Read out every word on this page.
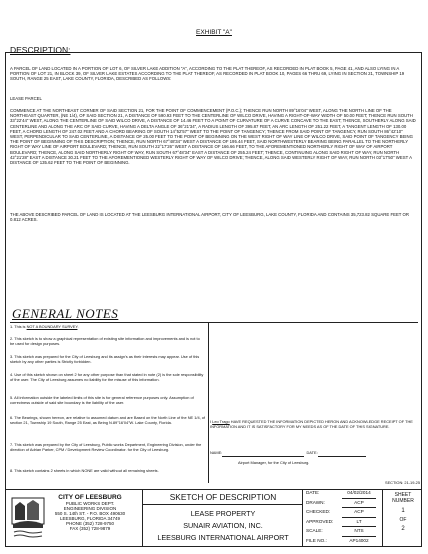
EXHIBIT "A"
DESCRIPTION:
A PARCEL OF LAND LOCATED IN A PORTION OF LOT 6, OF SILVER LAKE ADDITION "A", ACCORDING TO THE PLAT THEREOF, AS RECORDED IN PLAT BOOK 5, PAGE 41, AND ALSO LYING IN A PORTION OF LOT 21, IN BLOCK 39, OF SILVER LAKE ESTATES ACCORDING TO THE PLAT THEREOF, AS RECORDED IN PLAT BOOK 10, PAGES 66 THRU 69, LYING IN SECTION 21, TOWNSHIP 19 SOUTH, RANGE 25 EAST, LAKE COUNTY, FLORIDA, DESCRIBED AS FOLLOWS:
LEASE PARCEL
COMMENCE AT THE NORTHEAST CORNER OF SAID SECTION 21, FOR THE POINT OF COMMENCEMENT (P.O.C.); THENCE RUN NORTH 89°16'04" WEST, ALONG THE NORTH LINE OF THE NORTHEAST QUARTER, (NE 1/4), OF SAID SECTION 21, A DISTANCE OF 590.93 FEET TO THE CENTERLINE OF WILCO DRIVE, HAVING A RIGHT-OF-WAY WIDTH OF 50.00 FEET; THENCE RUN SOUTH 33°22'44" WEST, ALONG THE CENTERLINE OF SAID WILCO DRIVE, A DISTANCE OF 14.46 FEET TO A POINT OF CURVATURE OF A CURVE CONCAVE TO THE EAST; THENCE, SOUTHERLY ALONG SAID CENTERLINE AND ALONG THE ARC OF SAID CURVE, HAVING A DELTA ANGLE OF 36°21'34", A RADIUS LENGTH OF 395.87 FEET, AN ARC LENGTH OF 251.22 FEET, A TANGENT LENGTH OF 130.00 FEET, A CHORD LENGTH OF 247.02 FEET AND A CHORD BEARING OF SOUTH 14°52'57" WEST TO THE POINT OF TANGENCY; THENCE FROM SAID POINT OF TANGENCY, RUN SOUTH 86°42'10" WEST, PERPENDICULAR TO SAID CENTERLINE, A DISTANCE OF 25.00 FEET TO THE POINT OF BEGINNING ON THE WEST RIGHT OF WAY LINE OF WILCO DRIVE, SAID POINT OF TANGENCY BEING THE POINT OF BEGINNING OF THIS DESCRIPTION; THENCE, RUN NORTH 67°48'34" WEST A DISTANCE OF 195.44 FEET, SAID NORTHWESTERLY BEARING BEING PARALLEL TO THE NORTHERLY RIGHT OF WAY LINE OF AIRPORT BOULEVARD; THENCE, RUN SOUTH 22°17'26" WEST A DISTANCE OF 166.66 FEET, TO THE AFOREMENTIONED NORTHERLY RIGHT OF WAY OF AIRPORT BOULEVARD; THENCE, ALONG SAID NORTHERLY RIGHT OF WAY, RUN SOUTH 67°48'34" EAST A DISTANCE OF 255.24 FEET; THENCE, CONTINUING ALONG SAID RIGHT OF WAY, RUN NORTH 42°21'28" EAST A DISTANCE 30.21 FEET TO THE AFOREMENTIONED WESTERLY RIGHT OF WAY OF WILCO DRIVE; THENCE, ALONG SAID WESTERLY RIGHT OF WAY, RUN NORTH 03°17'50" WEST A DISTANCE OF 135.62 FEET TO THE POINT OF BEGINNING.
THE ABOVE DESCRIBED PARCEL OF LAND IS LOCATED AT THE LEESBURG INTERNATIONAL AIRPORT, CITY OF LEESBURG, LAKE COUNTY, FLORIDA AND CONTAINS 35,723.82 SQUARE FEET OR 0.812 ACRES.
GENERAL NOTES
1. This is NOT A BOUNDARY SURVEY.
2. This sketch is to show a graphical representation of existing site information and improvements and is not to be used for design purposes.
3. This sketch was prepared for the City of Leesburg and its assign's as their interests may appear. Use of this sketch by any other parties is Strictly forbidden.
4. Use of this sketch shown on sheet 2 for any other purpose than that stated in note (2) is the sole responsibility of the user. The City of Leesburg assumes no liability for the misuse of this information.
5. All information outside the labeled limits of this site is for general reference purposes only. Assumption of correctness outside of said site boundary is the liability of the user.
6. The Bearings, shown hereon, are relative to assumed datum and are Based on the North Line of the NE 1/4, of section 21, Township 19 South, Range 25 East, as Being N.89°16'04"W. Lake County, Florida.
7. This sketch was prepared by the City of Leesburg, Public works Department, Engineering Division, under the direction of Adrian Parker, CPM / Development Review Coordinator. for the City of Leesburg.
8. This sketch contains 2 sheets in which NONE are valid without all remaining sheets.
I Leo Trago HAVE REQUESTED THE INFORMATION DEPICTED HERON AND ACKNOWLEDGE RECEIPT OF THE INFORMATION AND IT IS SATISFACTORY FOR MY NEEDS AS OF THE DATE OF THIS SIGNATURE.
NAME:	DATE:
Airport Manager, for the City of Leesburg.
SECTION: 21-19-25
CITY OF LEESBURG
PUBLIC WORKS DEPT.
ENGINEERING DIVISION
550 S. 14th ST. - P.O. BOX 490630
LEESBURG, FLORIDA 34749
PHONE (352) 728-9750
FAX (352) 728-9879
SKETCH OF DESCRIPTION
LEASE PROPERTY
SUNAIR AVIATION, INC.
LEESBURG INTERNATIONAL AIRPORT
DATE:	04/02/2014
DRAWN:	ACP
CHECKED:	ACP
APPROVED:	LT
SCALE:	NTS
FILE NO.:	AP14002
SHEET
NUMBER
1
OF
2
